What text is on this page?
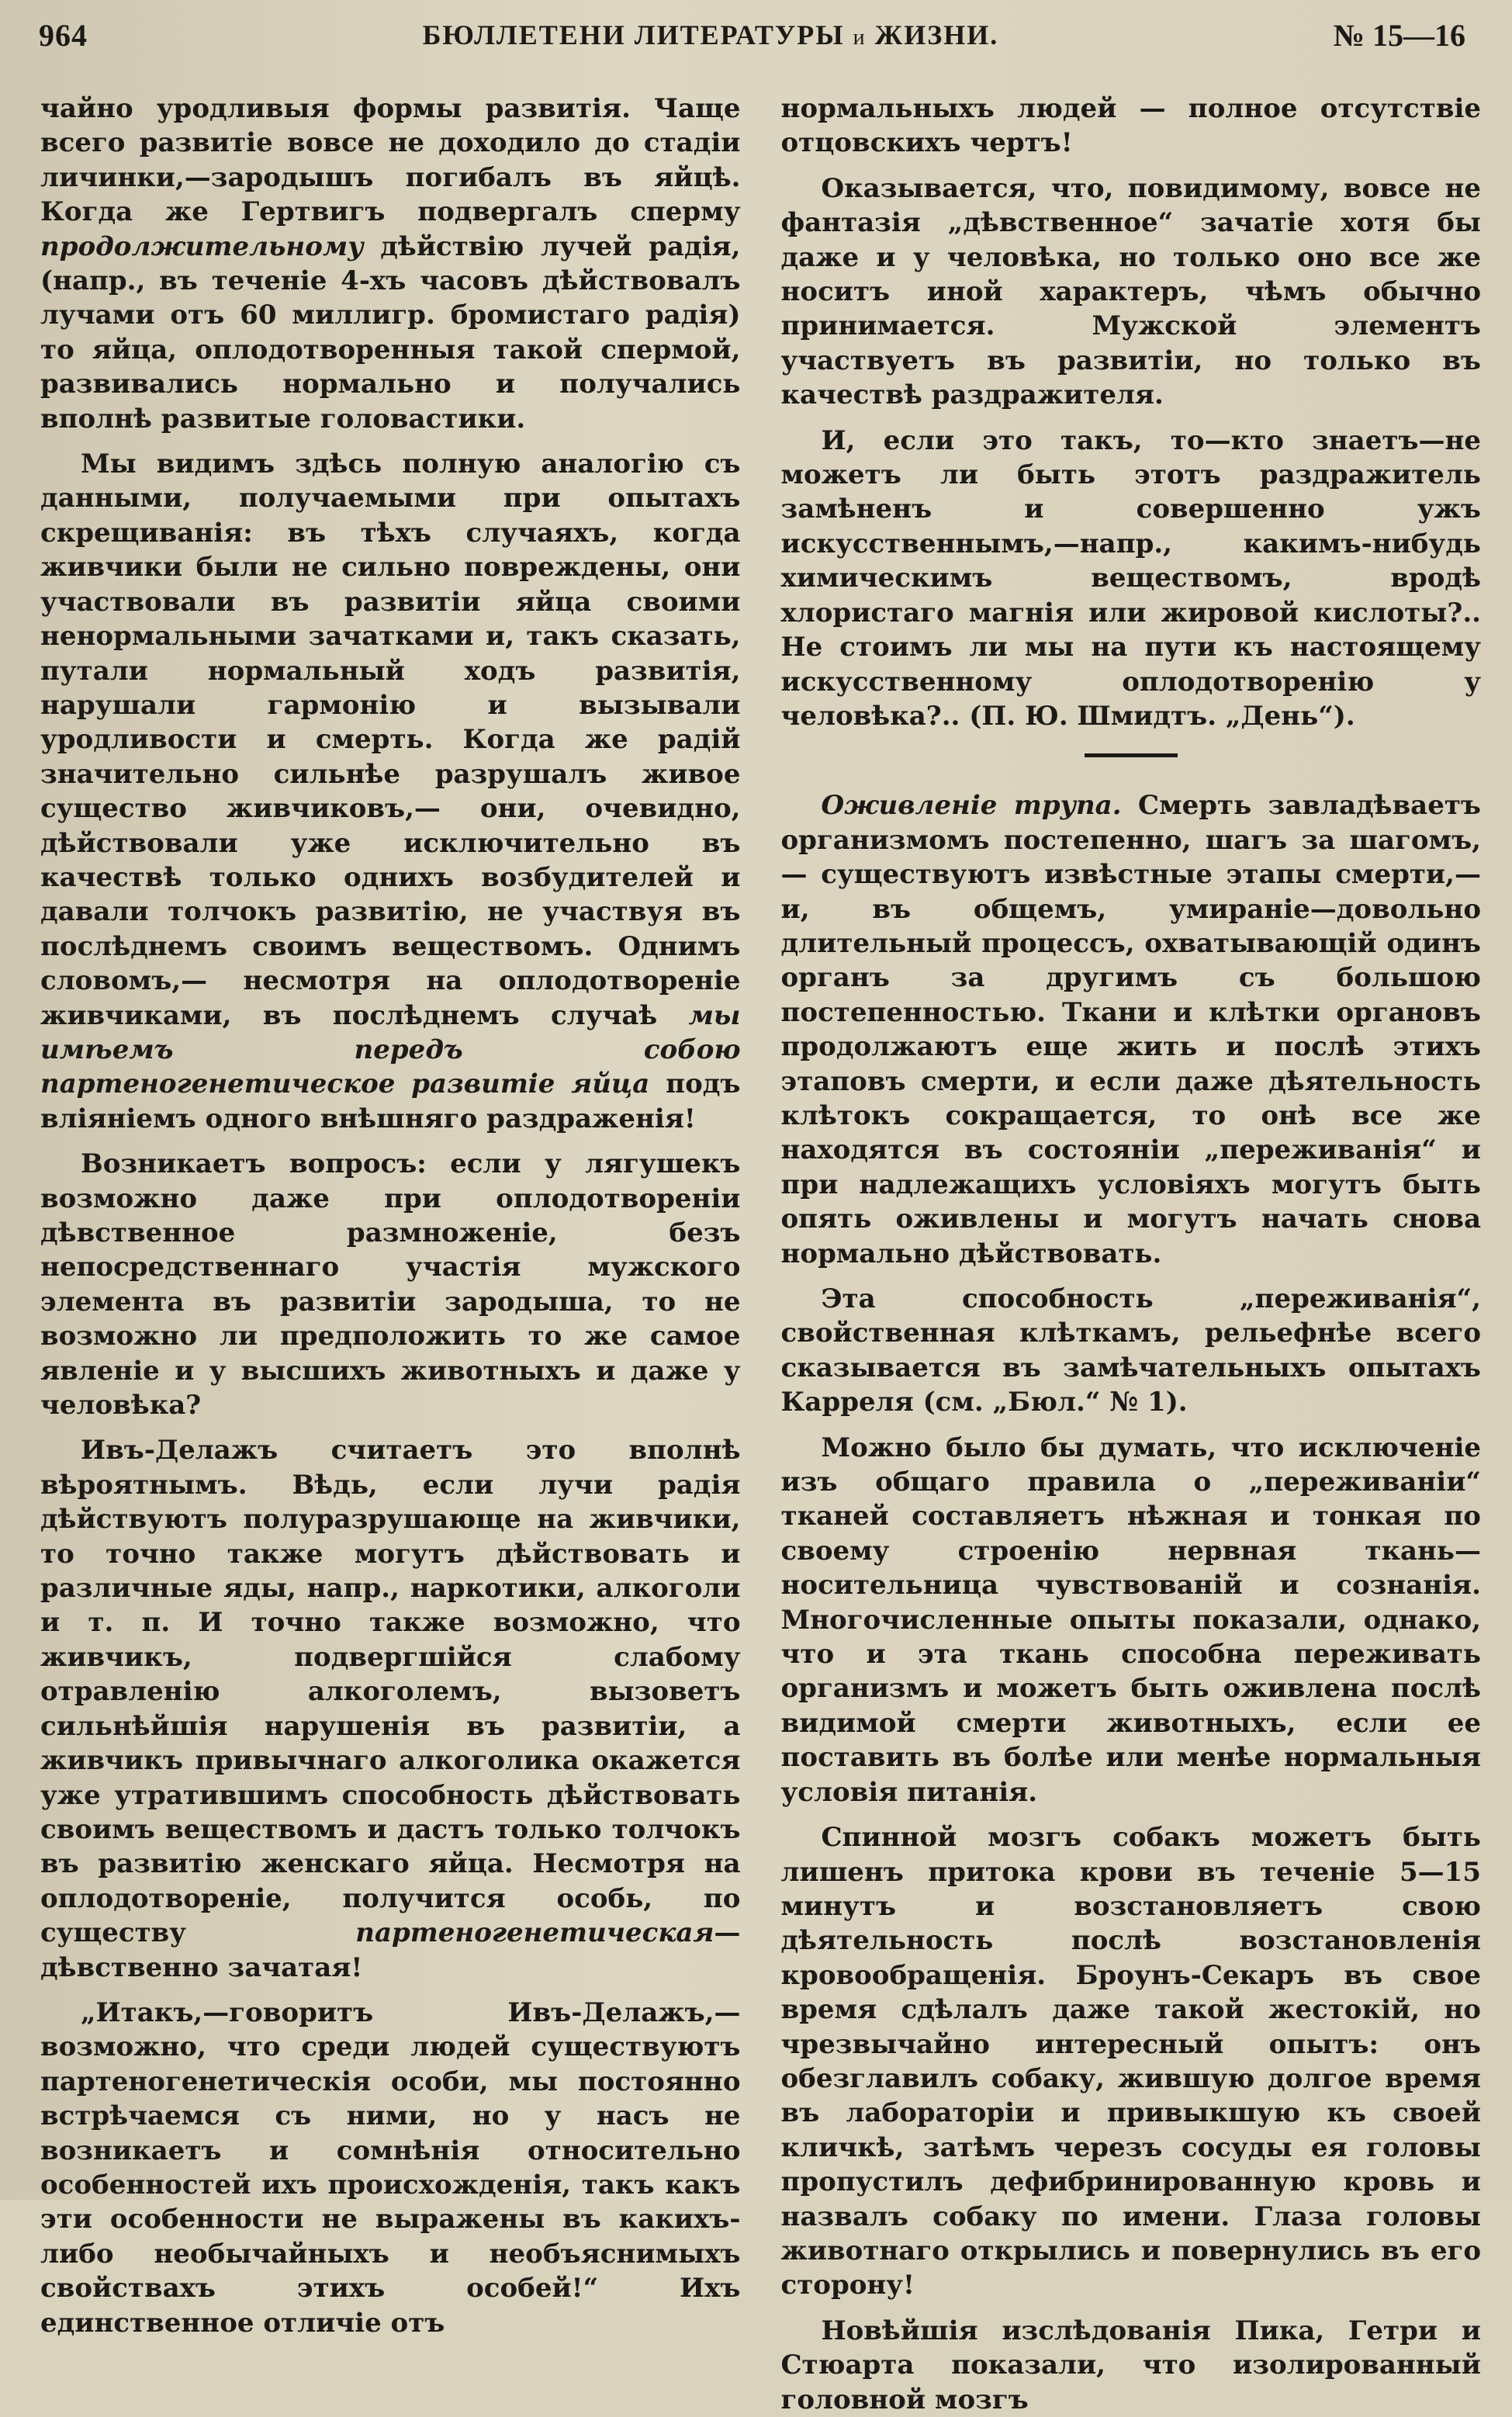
964	БЮЛЛЕТЕНИ ЛИТЕРАТУРЫ и ЖИЗНИ.	№ 15—16

чайно уродливыя формы развитія. Чаще всего развитіе вовсе не доходило до стадіи личинки,—зародышъ погибалъ въ яйцѣ. Когда же Гертвигъ подвергалъ сперму продолжительному дѣйствію лучей радія, (напр., въ теченіе 4-хъ часовъ дѣйствовалъ лучами отъ 60 миллигр. бромистаго радія) то яйца, оплодотворенныя такой спермой, развивались нормально и получались вполнѣ развитые головастики.

Мы видимъ здѣсь полную аналогію съ данными, получаемыми при опытахъ скрещиванія: въ тѣхъ случаяхъ, когда живчики были не сильно повреждены, они участвовали въ развитіи яйца своими ненормальными зачатками и, такъ сказать, путали нормальный ходъ развитія, нарушали гармонію и вызывали уродливости и смерть. Когда же радій значительно сильнѣе разрушалъ живое существо живчиковъ,— они, очевидно, дѣйствовали уже исключительно въ качествѣ только однихъ возбудителей и давали толчокъ развитію, не участвуя въ послѣднемъ своимъ веществомъ. Однимъ словомъ,— несмотря на оплодотвореніе живчиками, въ послѣднемъ случаѣ мы имѣемъ передъ собою партеногенетическое развитіе яйца подъ вліяніемъ одного внѣшняго раздраженія!

Возникаетъ вопросъ: если у лягушекъ возможно даже при оплодотвореніи дѣвственное размноженіе, безъ непосредственнаго участія мужского элемента въ развитіи зародыша, то не возможно ли предположить то же самое явленіе и у высшихъ животныхъ и даже у человѣка?

Ивъ-Делажъ считаетъ это вполнѣ вѣроятнымъ. Вѣдь, если лучи радія дѣйствуютъ полуразрушающе на живчики, то точно также могутъ дѣйствовать и различные яды, напр., наркотики, алкоголи и т. п. И точно также возможно, что живчикъ, подвергшійся слабому отравленію алкоголемъ, вызоветъ сильнѣйшія нарушенія въ развитіи, а живчикъ привычнаго алкоголика окажется уже утратившимъ способность дѣйствовать своимъ веществомъ и дастъ только толчокъ въ развитію женскаго яйца. Несмотря на оплодотвореніе, получится особь, по существу партеногенетическая—дѣвственно зачатая!

„Итакъ,—говоритъ Ивъ-Делажъ,—возможно, что среди людей существуютъ партеногенетическія особи, мы постоянно встрѣчаемся съ ними, но у насъ не возникаетъ и сомнѣнія относительно особенностей ихъ происхожденія, такъ какъ эти особенности не выражены въ какихъ-либо необычайныхъ и необъяснимыхъ свойствахъ этихъ особей!“ Ихъ единственное отличіе отъ

нормальныхъ людей — полное отсутствіе отцовскихъ чертъ!

Оказывается, что, повидимому, вовсе не фантазія „дѣвственное“ зачатіе хотя бы даже и у человѣка, но только оно все же носитъ иной характеръ, чѣмъ обычно принимается. Мужской элементъ участвуетъ въ развитіи, но только въ качествѣ раздражителя.

И, если это такъ, то—кто знаетъ—не можетъ ли быть этотъ раздражитель замѣненъ и совершенно ужъ искусственнымъ,—напр., какимъ-нибудь химическимъ веществомъ, вродѣ хлористаго магнія или жировой кислоты?.. Не стоимъ ли мы на пути къ настоящему искусственному оплодотворенію у человѣка?.. (П. Ю. Шмидтъ. „День“).

Оживленіе трупа. Смерть завладѣваетъ организмомъ постепенно, шагъ за шагомъ,— существуютъ извѣстные этапы смерти,—и, въ общемъ, умираніе—довольно длительный процессъ, охватывающій одинъ органъ за другимъ съ большою постепенностью. Ткани и клѣтки органовъ продолжаютъ еще жить и послѣ этихъ этаповъ смерти, и если даже дѣятельность клѣтокъ сокращается, то онѣ все же находятся въ состояніи „переживанія“ и при надлежащихъ условіяхъ могутъ быть опять оживлены и могутъ начать снова нормально дѣйствовать.

Эта способность „переживанія“, свойственная клѣткамъ, рельефнѣе всего сказывается въ замѣчательныхъ опытахъ Карреля (см. „Бюл.“ № 1).

Можно было бы думать, что исключеніе изъ общаго правила о „переживаніи“ тканей составляетъ нѣжная и тонкая по своему строенію нервная ткань—носительница чувствованій и сознанія. Многочисленные опыты показали, однако, что и эта ткань способна переживать организмъ и можетъ быть оживлена послѣ видимой смерти животныхъ, если ее поставить въ болѣе или менѣе нормальныя условія питанія.

Спинной мозгъ собакъ можетъ быть лишенъ притока крови въ теченіе 5—15 минутъ и возстановляетъ свою дѣятельность послѣ возстановленія кровообращенія. Броунъ-Секаръ въ свое время сдѣлалъ даже такой жестокій, но чрезвычайно интересный опытъ: онъ обезглавилъ собаку, жившую долгое время въ лабораторіи и привыкшую къ своей кличкѣ, затѣмъ черезъ сосуды ея головы пропустилъ дефибринированную кровь и назвалъ собаку по имени. Глаза головы животнаго открылись и повернулись въ его сторону!

Новѣйшія изслѣдованія Пика, Гетри и Стюарта показали, что изолированный головной мозгъ
